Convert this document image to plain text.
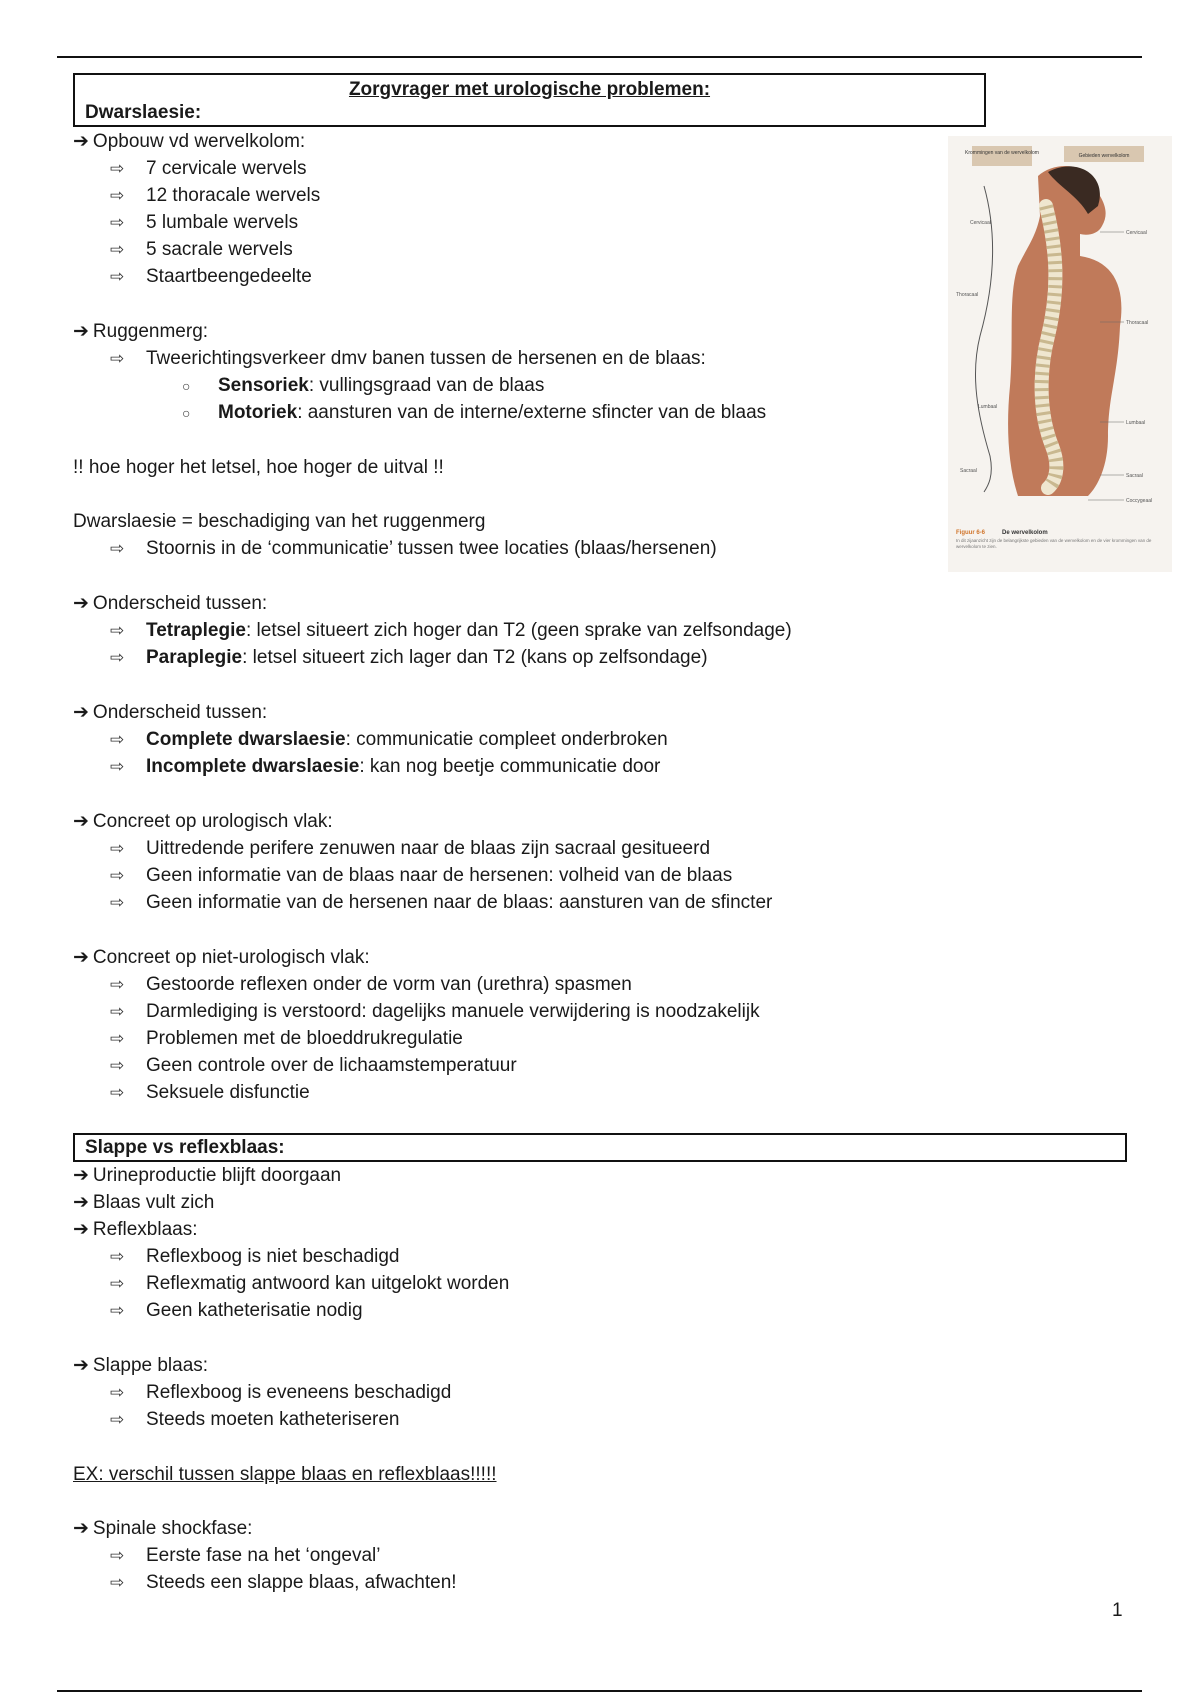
Zorgvrager met urologische problemen:
Dwarslaesie:
➔ Opbouw vd wervelkolom:
⇨ 7 cervicale wervels
⇨ 12 thoracale wervels
⇨ 5 lumbale wervels
⇨ 5 sacrale wervels
⇨ Staartbeengedeelte
➔ Ruggenmerg:
⇨ Tweerichtingsverkeer dmv banen tussen de hersenen en de blaas:
○ Sensoriek: vullingsgraad van de blaas
○ Motoriek: aansturen van de interne/externe sfincter van de blaas
!! hoe hoger het letsel, hoe hoger de uitval !!
Dwarslaesie = beschadiging van het ruggenmerg
⇨ Stoornis in de ‘communicatie’ tussen twee locaties (blaas/hersenen)
➔ Onderscheid tussen:
⇨ Tetraplegie: letsel situeert zich hoger dan T2 (geen sprake van zelfsondage)
⇨ Paraplegie: letsel situeert zich lager dan T2 (kans op zelfsondage)
➔ Onderscheid tussen:
⇨ Complete dwarslaesie: communicatie compleet onderbroken
⇨ Incomplete dwarslaesie: kan nog beetje communicatie door
➔ Concreet op urologisch vlak:
⇨ Uittredende perifere zenuwen naar de blaas zijn sacraal gesitueerd
⇨ Geen informatie van de blaas naar de hersenen: volheid van de blaas
⇨ Geen informatie van de hersenen naar de blaas: aansturen van de sfincter
➔ Concreet op niet-urologisch vlak:
⇨ Gestoorde reflexen onder de vorm van (urethra) spasmen
⇨ Darmlediging is verstoord: dagelijks manuele verwijdering is noodzakelijk
⇨ Problemen met de bloeddrukregulatie
⇨ Geen controle over de lichaamstemperatuur
⇨ Seksuele disfunctie
Slappe vs reflexblaas:
➔ Urineproductie blijft doorgaan
➔ Blaas vult zich
➔ Reflexblaas:
⇨ Reflexboog is niet beschadigd
⇨ Reflexmatig antwoord kan uitgelokt worden
⇨ Geen katheterisatie nodig
➔ Slappe blaas:
⇨ Reflexboog is eveneens beschadigd
⇨ Steeds moeten katheteriseren
EX: verschil tussen slappe blaas en reflexblaas!!!!!
➔ Spinale shockfase:
⇨ Eerste fase na het ‘ongeval’
⇨ Steeds een slappe blaas, afwachten!
Krommingen van de wervelkolom	Gebieden wervelkolom
Cervicaal
Thoracaal
Lumbaal
Sacraal
Cervicaal
Thoracaal
Lumbaal
Sacraal
Coccygeaal
Figuur 6-6	De wervelkolom
In dit zijaanzicht zijn de belangrijkste gebieden van de wervelkolom en de vier krommingen van de wervelkolom te zien.
1
